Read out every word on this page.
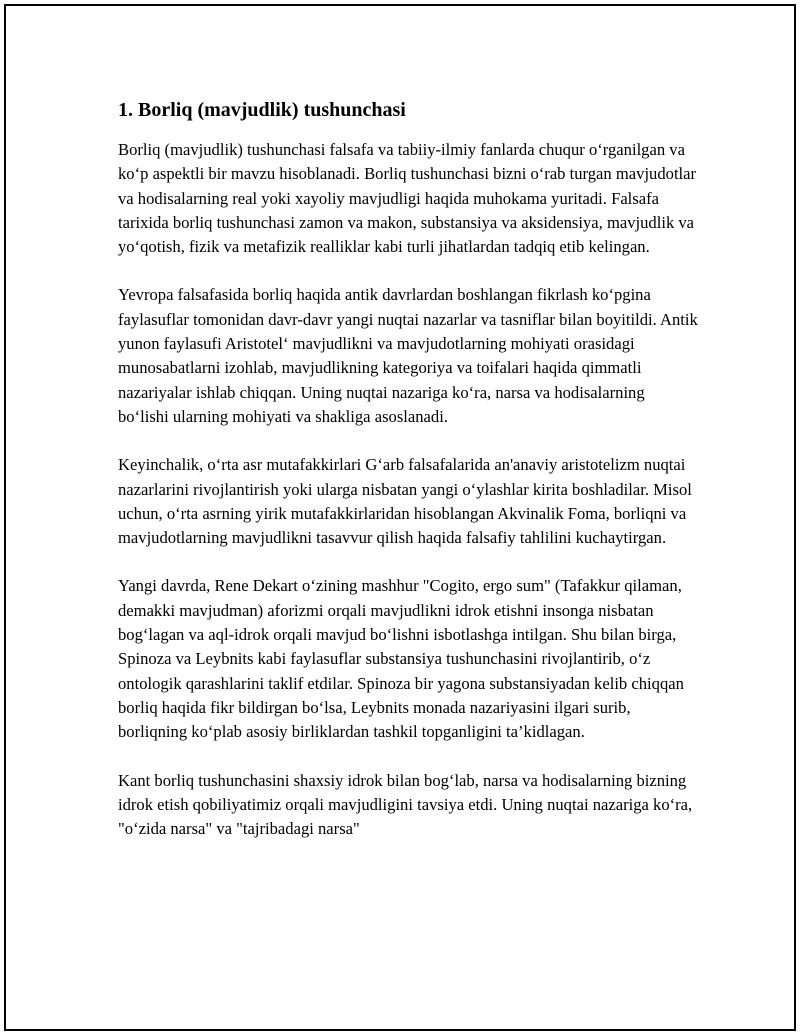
1. Borliq (mavjudlik) tushunchasi

Borliq (mavjudlik) tushunchasi falsafa va tabiiy-ilmiy fanlarda chuqur o‘rganilgan va ko‘p aspektli bir mavzu hisoblanadi. Borliq tushunchasi bizni o‘rab turgan mavjudotlar va hodisalarning real yoki xayoliy mavjudligi haqida muhokama yuritadi. Falsafa tarixida borliq tushunchasi zamon va makon, substansiya va aksidensiya, mavjudlik va yo‘qotish, fizik va metafizik realliklar kabi turli jihatlardan tadqiq etib kelingan.

Yevropa falsafasida borliq haqida antik davrlardan boshlangan fikrlash ko‘pgina faylasuflar tomonidan davr-davr yangi nuqtai nazarlar va tasniflar bilan boyitildi. Antik yunon faylasufi Aristotel‘ mavjudlikni va mavjudotlarning mohiyati orasidagi munosabatlarni izohlab, mavjudlikning kategoriya va toifalari haqida qimmatli nazariyalar ishlab chiqqan. Uning nuqtai nazariga ko‘ra, narsa va hodisalarning bo‘lishi ularning mohiyati va shakliga asoslanadi.

Keyinchalik, o‘rta asr mutafakkirlari G‘arb falsafalarida an'anaviy aristotelizm nuqtai nazarlarini rivojlantirish yoki ularga nisbatan yangi o‘ylashlar kirita boshladilar. Misol uchun, o‘rta asrning yirik mutafakkirlaridan hisoblangan Akvinalik Foma, borliqni va mavjudotlarning mavjudlikni tasavvur qilish haqida falsafiy tahlilini kuchaytirgan.

Yangi davrda, Rene Dekart o‘zining mashhur "Cogito, ergo sum" (Tafakkur qilaman, demakki mavjudman) aforizmi orqali mavjudlikni idrok etishni insonga nisbatan bog‘lagan va aql-idrok orqali mavjud bo‘lishni isbotlashga intilgan. Shu bilan birga, Spinoza va Leybnits kabi faylasuflar substansiya tushunchasini rivojlantirib, o‘z ontologik qarashlarini taklif etdilar. Spinoza bir yagona substansiyadan kelib chiqqan borliq haqida fikr bildirgan bo‘lsa, Leybnits monada nazariyasini ilgari surib, borliqning ko‘plab asosiy birliklardan tashkil topganligini ta’kidlagan.

Kant borliq tushunchasini shaxsiy idrok bilan bog‘lab, narsa va hodisalarning bizning idrok etish qobiliyatimiz orqali mavjudligini tavsiya etdi. Uning nuqtai nazariga ko‘ra, "o‘zida narsa" va "tajribadagi narsa"
